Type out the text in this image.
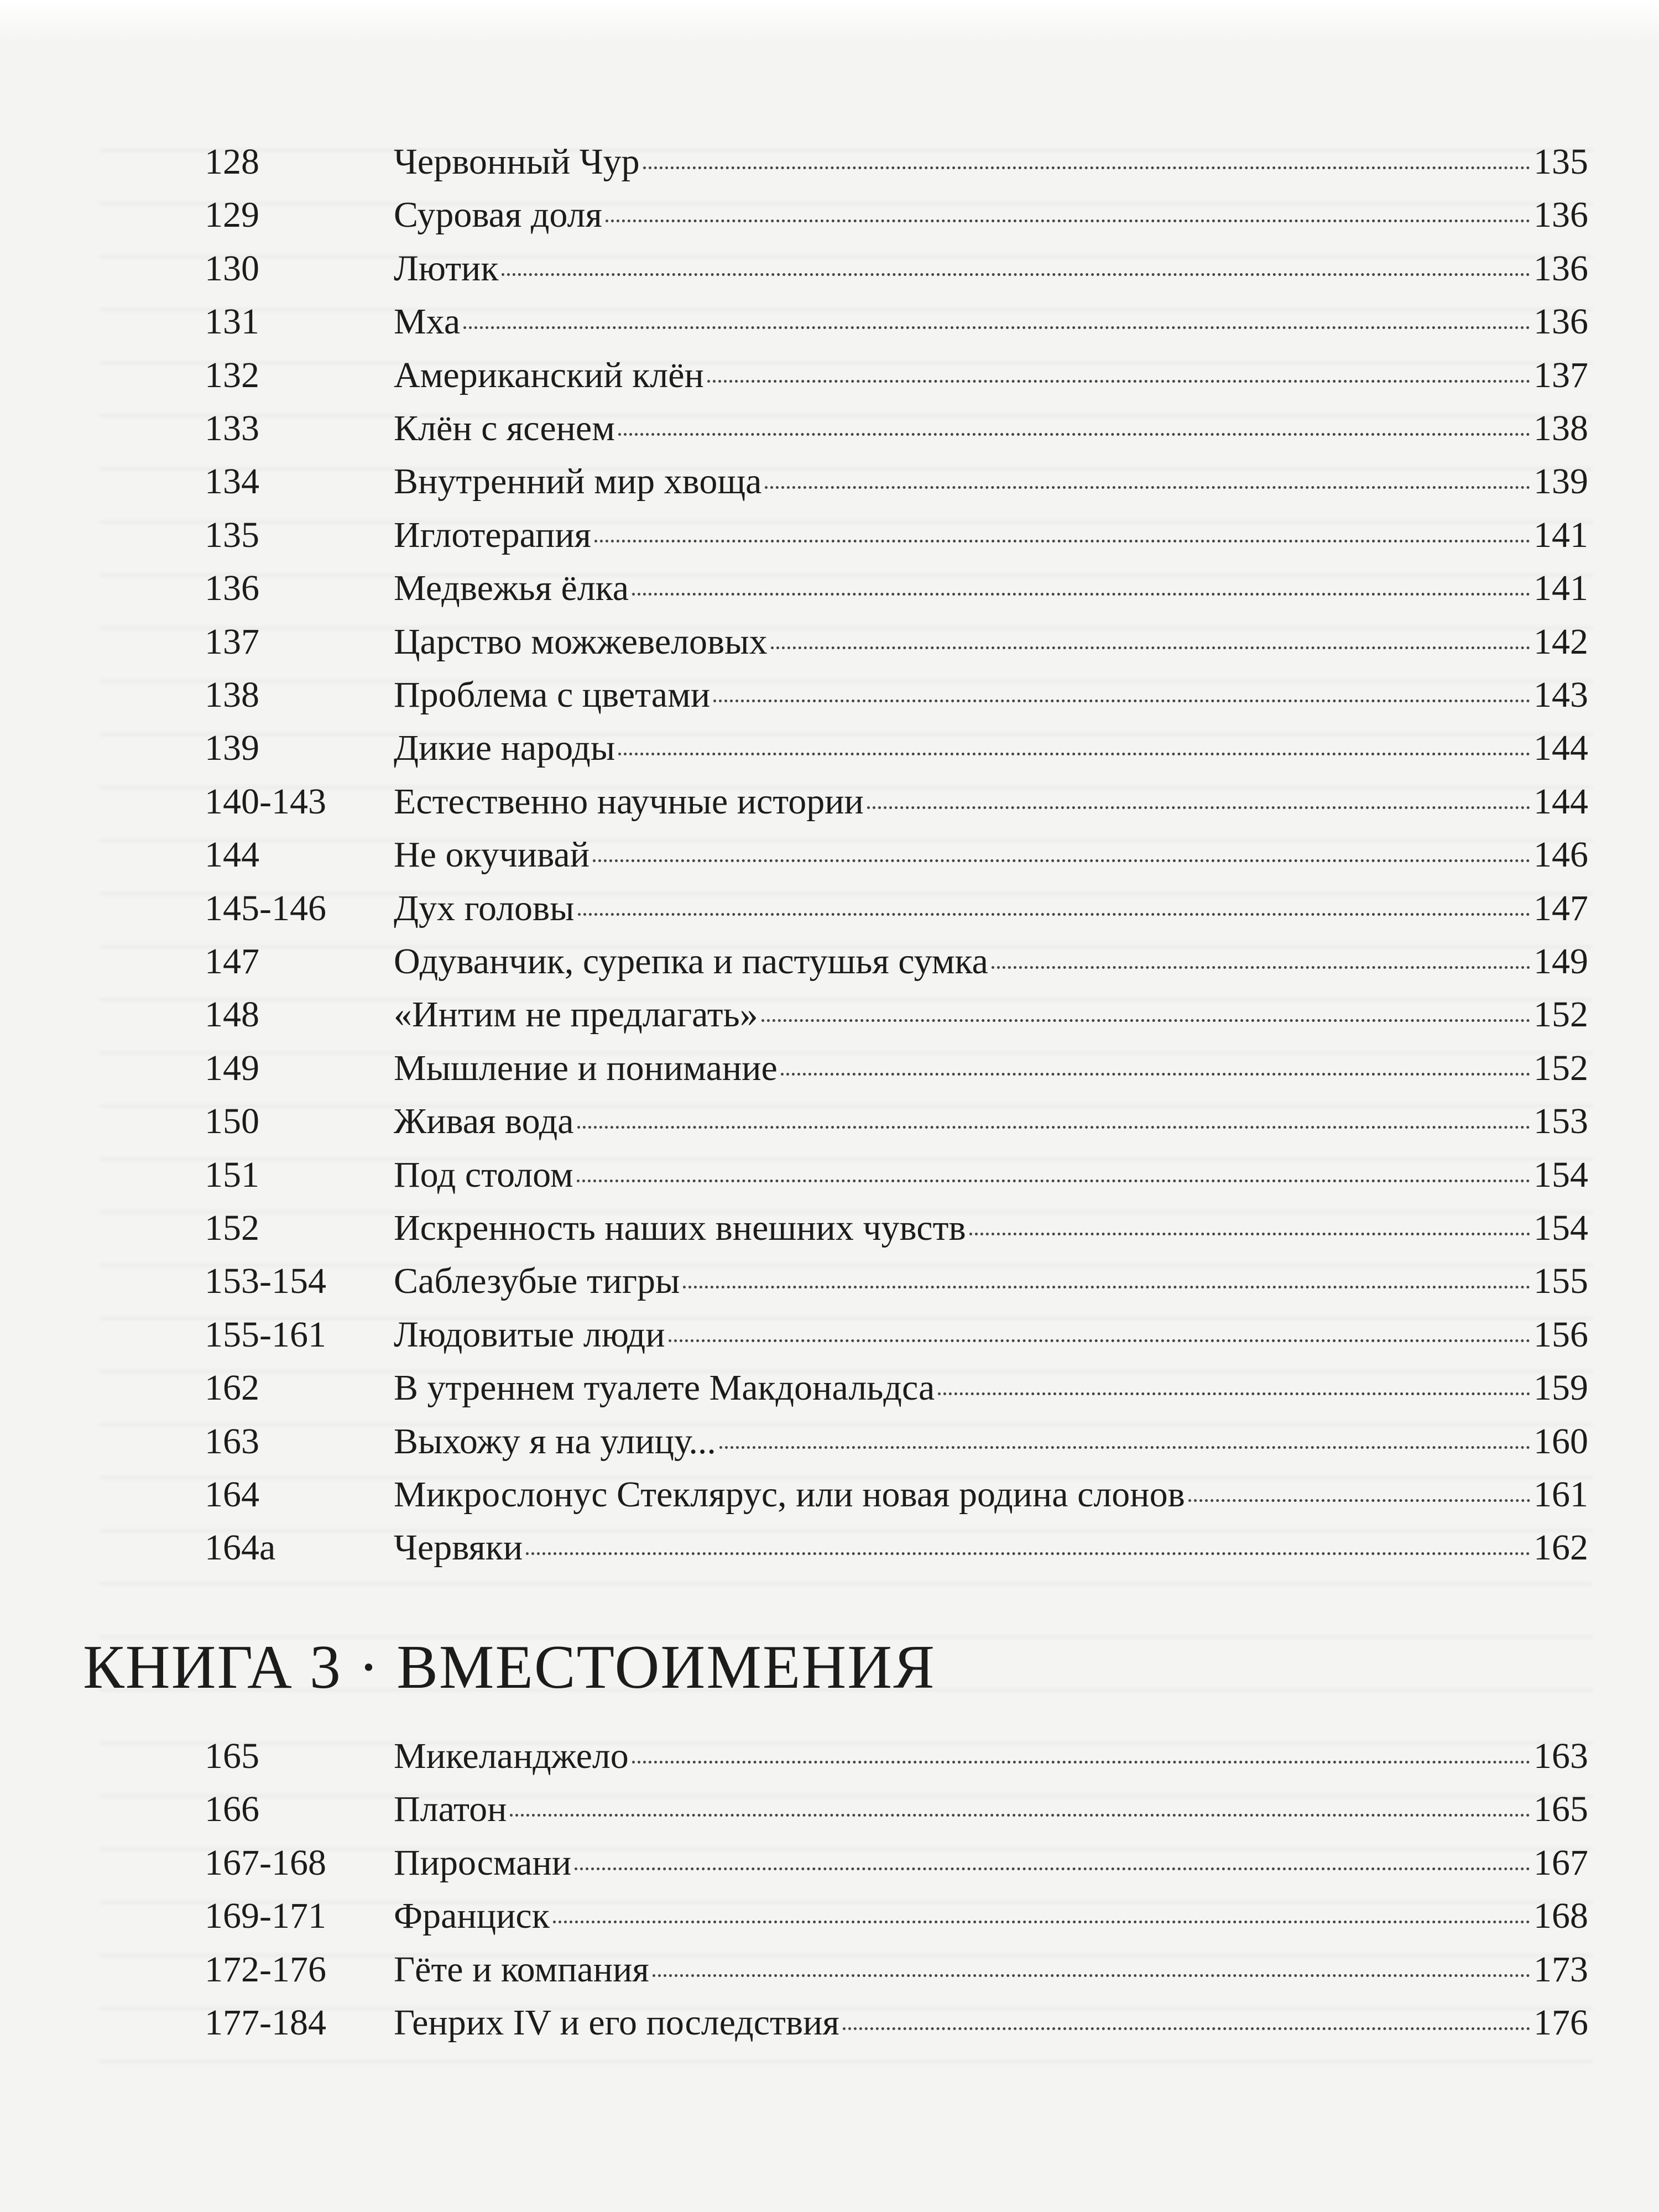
128	Червонный Чур	135
129	Суровая доля	136
130	Лютик	136
131	Мха	136
132	Американский клён	137
133	Клён с ясенем	138
134	Внутренний мир хвоща	139
135	Иглотерапия	141
136	Медвежья ёлка	141
137	Царство можжевеловых	142
138	Проблема с цветами	143
139	Дикие народы	144
140-143 Естественно научные истории	144
144	Не окучивай	146
145-146 Дух головы	147
147	Одуванчик, сурепка и пастушья сумка	149
148	«Интим не предлагать»	152
149	Мышление и понимание	152
150	Живая вода	153
151	Под столом	154
152	Искренность наших внешних чувств	154
153-154 Саблезубые тигры	155
155-161 Людовитые люди	156
162	В утреннем туалете Макдональдса	159
163	Выхожу я на улицу...	160
164	Микрослонус Стеклярус, или новая родина слонов	161
164а	Червяки	162
КНИГА 3 · ВМЕСТОИМЕНИЯ
165	Микеланджело	163
166	Платон	165
167-168 Пиросмани	167
169-171 Франциск	168
172-176 Гёте и компания	173
177-184 Генрих IV и его последствия	176
